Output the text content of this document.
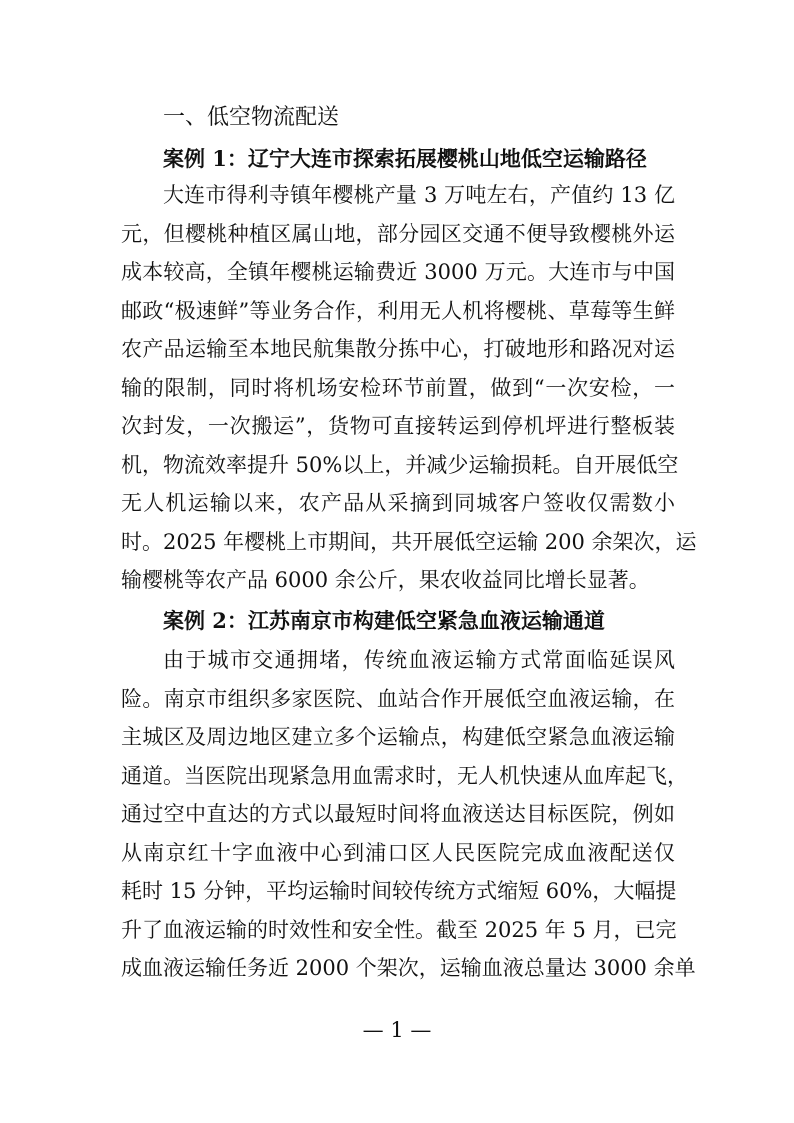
一、低空物流配送
案例 1：辽宁大连市探索拓展樱桃山地低空运输路径
大连市得利寺镇年樱桃产量 3 万吨左右，产值约 13 亿
元，但樱桃种植区属山地，部分园区交通不便导致樱桃外运
成本较高，全镇年樱桃运输费近 3000 万元。大连市与中国
邮政“极速鲜”等业务合作，利用无人机将樱桃、草莓等生鲜
农产品运输至本地民航集散分拣中心，打破地形和路况对运
输的限制，同时将机场安检环节前置，做到“一次安检，一
次封发，一次搬运”，货物可直接转运到停机坪进行整板装
机，物流效率提升 50%以上，并减少运输损耗。自开展低空
无人机运输以来，农产品从采摘到同城客户签收仅需数小
时。2025 年樱桃上市期间，共开展低空运输 200 余架次，运
输樱桃等农产品 6000 余公斤，果农收益同比增长显著。
案例 2：江苏南京市构建低空紧急血液运输通道
由于城市交通拥堵，传统血液运输方式常面临延误风
险。南京市组织多家医院、血站合作开展低空血液运输，在
主城区及周边地区建立多个运输点，构建低空紧急血液运输
通道。当医院出现紧急用血需求时，无人机快速从血库起飞，
通过空中直达的方式以最短时间将血液送达目标医院，例如
从南京红十字血液中心到浦口区人民医院完成血液配送仅
耗时 15 分钟，平均运输时间较传统方式缩短 60%，大幅提
升了血液运输的时效性和安全性。截至 2025 年 5 月，已完
成血液运输任务近 2000 个架次，运输血液总量达 3000 余单
— 1 —
